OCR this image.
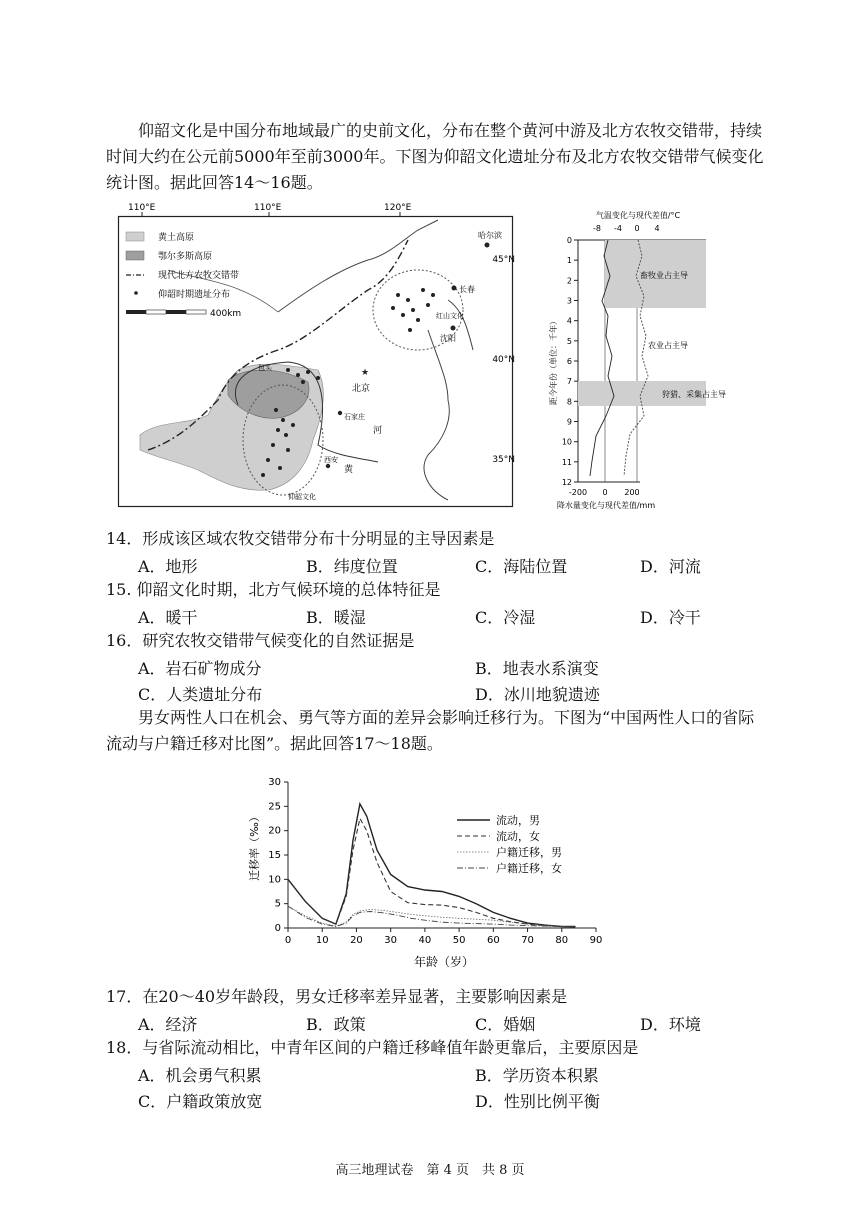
仰韶文化是中国分布地域最广的史前文化，分布在整个黄河中游及北方农牧交错带，持续时间大约在公元前5000年至前3000年。下图为仰韶文化遗址分布及北方农牧交错带气候变化统计图。据此回答14～16题。
110°E	110°E	120°E
45°N
40°N
35°N
哈尔滨
长春
红山文化
沈阳
★
北京
包头
石家庄
河
黄
西安
仰韶文化
黄土高原
鄂尔多斯高原
现代北方农牧交错带
仰韶时期遗址分布
400km
气温变化与现代差值/°C
-8 -4 0 4
畜牧业占主导
农业占主导
狩猎、采集占主导
0
1
2
3
4
5
6
7
8
9
10
11
12
距今年份（单位：千年）
-200 0 200
降水量变化与现代差值/mm
14．形成该区域农牧交错带分布十分明显的主导因素是
A．地形	B．纬度位置	C．海陆位置	D．河流
15. 仰韶文化时期，北方气候环境的总体特征是
A．暖干	B．暖湿	C．冷湿	D．冷干
16．研究农牧交错带气候变化的自然证据是
A．岩石矿物成分	B．地表水系演变
C．人类遗址分布	D．冰川地貌遗迹
男女两性人口在机会、勇气等方面的差异会影响迁移行为。下图为“中国两性人口的省际流动与户籍迁移对比图”。据此回答17～18题。
0 10 20 30 40 50 60 70 80 90
0
5
10
15
20
25
30
迁移率（‰）
年龄（岁）
流动，男
流动，女
户籍迁移，男
户籍迁移，女
17．在20～40岁年龄段，男女迁移率差异显著，主要影响因素是
A．经济	B．政策	C．婚姻	D．环境
18．与省际流动相比，中青年区间的户籍迁移峰值年龄更靠后，主要原因是
A．机会勇气积累	B．学历资本积累
C．户籍政策放宽	D．性别比例平衡
高三地理试卷　第 4 页　共 8 页
